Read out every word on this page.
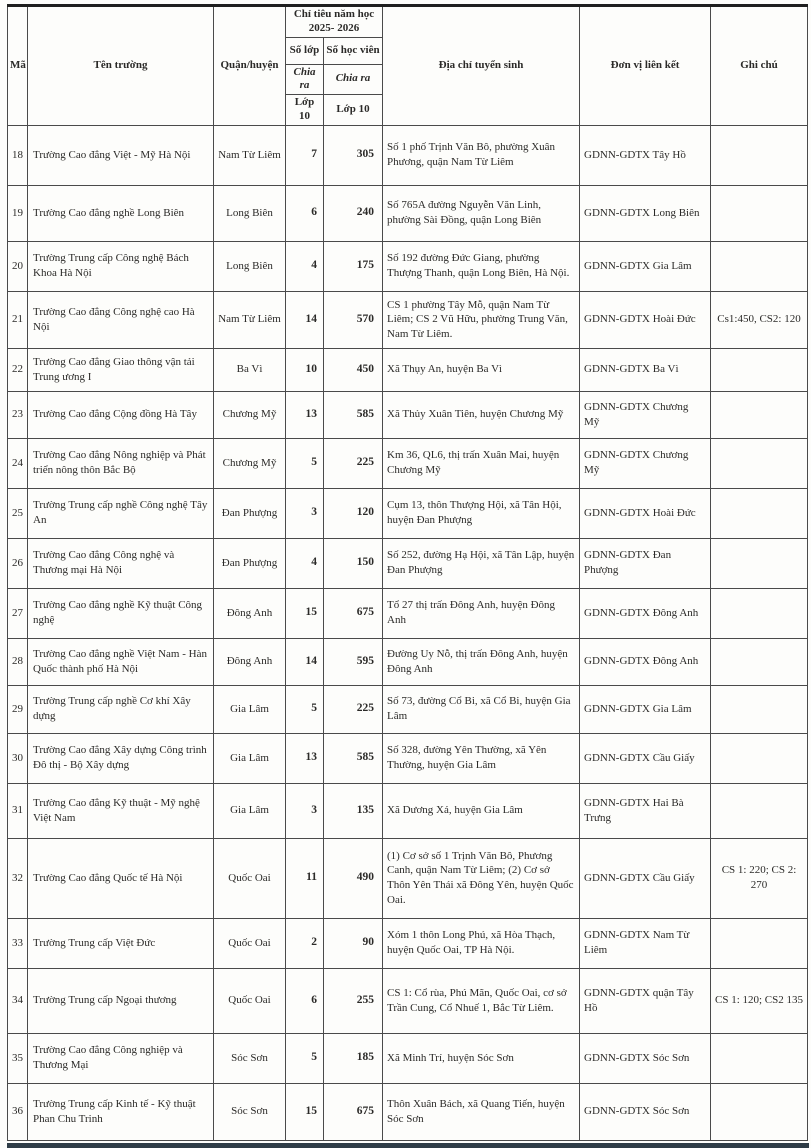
Mã	Tên trường	Quận/huyện	Chỉ tiêu năm học 2025- 2026		Địa chỉ tuyển sinh	Đơn vị liên kết	Ghi chú
			Số lớp	Số học viên			
			Chia ra	Chia ra			
			Lớp 10	Lớp 10			
18	Trường Cao đẳng Việt - Mỹ Hà Nội	Nam Từ Liêm	7	305	Số 1 phố Trịnh Văn Bô, phường Xuân Phương, quận Nam Từ Liêm	GDNN-GDTX Tây Hồ	
19	Trường Cao đẳng nghề Long Biên	Long Biên	6	240	Số 765A đường Nguyễn Văn Linh, phường Sài Đồng, quận Long Biên	GDNN-GDTX Long Biên	
20	Trường Trung cấp Công nghệ Bách Khoa Hà Nội	Long Biên	4	175	Số 192 đường Đức Giang, phường Thượng Thanh, quận Long Biên, Hà Nội.	GDNN-GDTX Gia Lâm	
21	Trường Cao đẳng Công nghệ cao Hà Nội	Nam Từ Liêm	14	570	CS 1 phường Tây Mỗ, quận Nam Từ Liêm; CS 2 Vũ Hữu, phường Trung Văn, Nam Từ Liêm.	GDNN-GDTX Hoài Đức	Cs1:450, CS2: 120
22	Trường Cao đẳng Giao thông vận tải Trung ương I	Ba Vì	10	450	Xã Thụy An, huyện Ba Vì	GDNN-GDTX Ba Vì	
23	Trường Cao đẳng Cộng đồng Hà Tây	Chương Mỹ	13	585	Xã Thủy Xuân Tiên, huyện Chương Mỹ	GDNN-GDTX Chương Mỹ	
24	Trường Cao đẳng Nông nghiệp và Phát triển nông thôn Bắc Bộ	Chương Mỹ	5	225	Km 36, QL6, thị trấn Xuân Mai, huyện Chương Mỹ	GDNN-GDTX Chương Mỹ	
25	Trường Trung cấp nghề Công nghệ Tây An	Đan Phượng	3	120	Cụm 13, thôn Thượng Hội, xã Tân Hội, huyện Đan Phượng	GDNN-GDTX Hoài Đức	
26	Trường Cao đẳng Công nghệ và Thương mại Hà Nội	Đan Phượng	4	150	Số 252, đường Hạ Hội, xã Tân Lập, huyện Đan Phượng	GDNN-GDTX Đan Phượng	
27	Trường Cao đẳng nghề Kỹ thuật Công nghệ	Đông Anh	15	675	Tổ 27 thị trấn Đông Anh, huyện Đông Anh	GDNN-GDTX Đông Anh	
28	Trường Cao đẳng nghề Việt Nam - Hàn Quốc thành phố Hà Nội	Đông Anh	14	595	Đường Uy Nỗ, thị trấn Đông Anh, huyện Đông Anh	GDNN-GDTX Đông Anh	
29	Trường Trung cấp nghề Cơ khí Xây dựng	Gia Lâm	5	225	Số 73, đường Cổ Bi, xã Cổ Bi, huyện Gia Lâm	GDNN-GDTX Gia Lâm	
30	Trường Cao đẳng Xây dựng Công trình Đô thị - Bộ Xây dựng	Gia Lâm	13	585	Số 328, đường Yên Thường, xã Yên Thường, huyện Gia Lâm	GDNN-GDTX Cầu Giấy	
31	Trường Cao đẳng Kỹ thuật - Mỹ nghệ Việt Nam	Gia Lâm	3	135	Xã Dương Xá, huyện Gia Lâm	GDNN-GDTX Hai Bà Trưng	
32	Trường Cao đẳng Quốc tế Hà Nội	Quốc Oai	11	490	(1) Cơ sở số 1 Trịnh Văn Bô, Phương Canh, quận Nam Từ Liêm; (2) Cơ sở Thôn Yên Thái xã Đông Yên, huyện Quốc Oai.	GDNN-GDTX Cầu Giấy	CS 1: 220; CS 2: 270
33	Trường Trung cấp Việt Đức	Quốc Oai	2	90	Xóm 1 thôn Long Phú, xã Hòa Thạch, huyện Quốc Oai, TP Hà Nội.	GDNN-GDTX Nam Từ Liêm	
34	Trường Trung cấp Ngoại thương	Quốc Oai	6	255	CS 1: Cổ rùa, Phú Mãn, Quốc Oai, cơ sở Trần Cung, Cổ Nhuế 1, Bắc Từ Liêm.	GDNN-GDTX quận Tây Hồ	CS 1: 120; CS2 135
35	Trường Cao đẳng Công nghiệp và Thương Mại	Sóc Sơn	5	185	Xã Minh Trí, huyện Sóc Sơn	GDNN-GDTX Sóc Sơn	
36	Trường Trung cấp Kinh tế - Kỹ thuật Phan Chu Trinh	Sóc Sơn	15	675	Thôn Xuân Bách, xã Quang Tiến, huyện Sóc Sơn	GDNN-GDTX Sóc Sơn	
